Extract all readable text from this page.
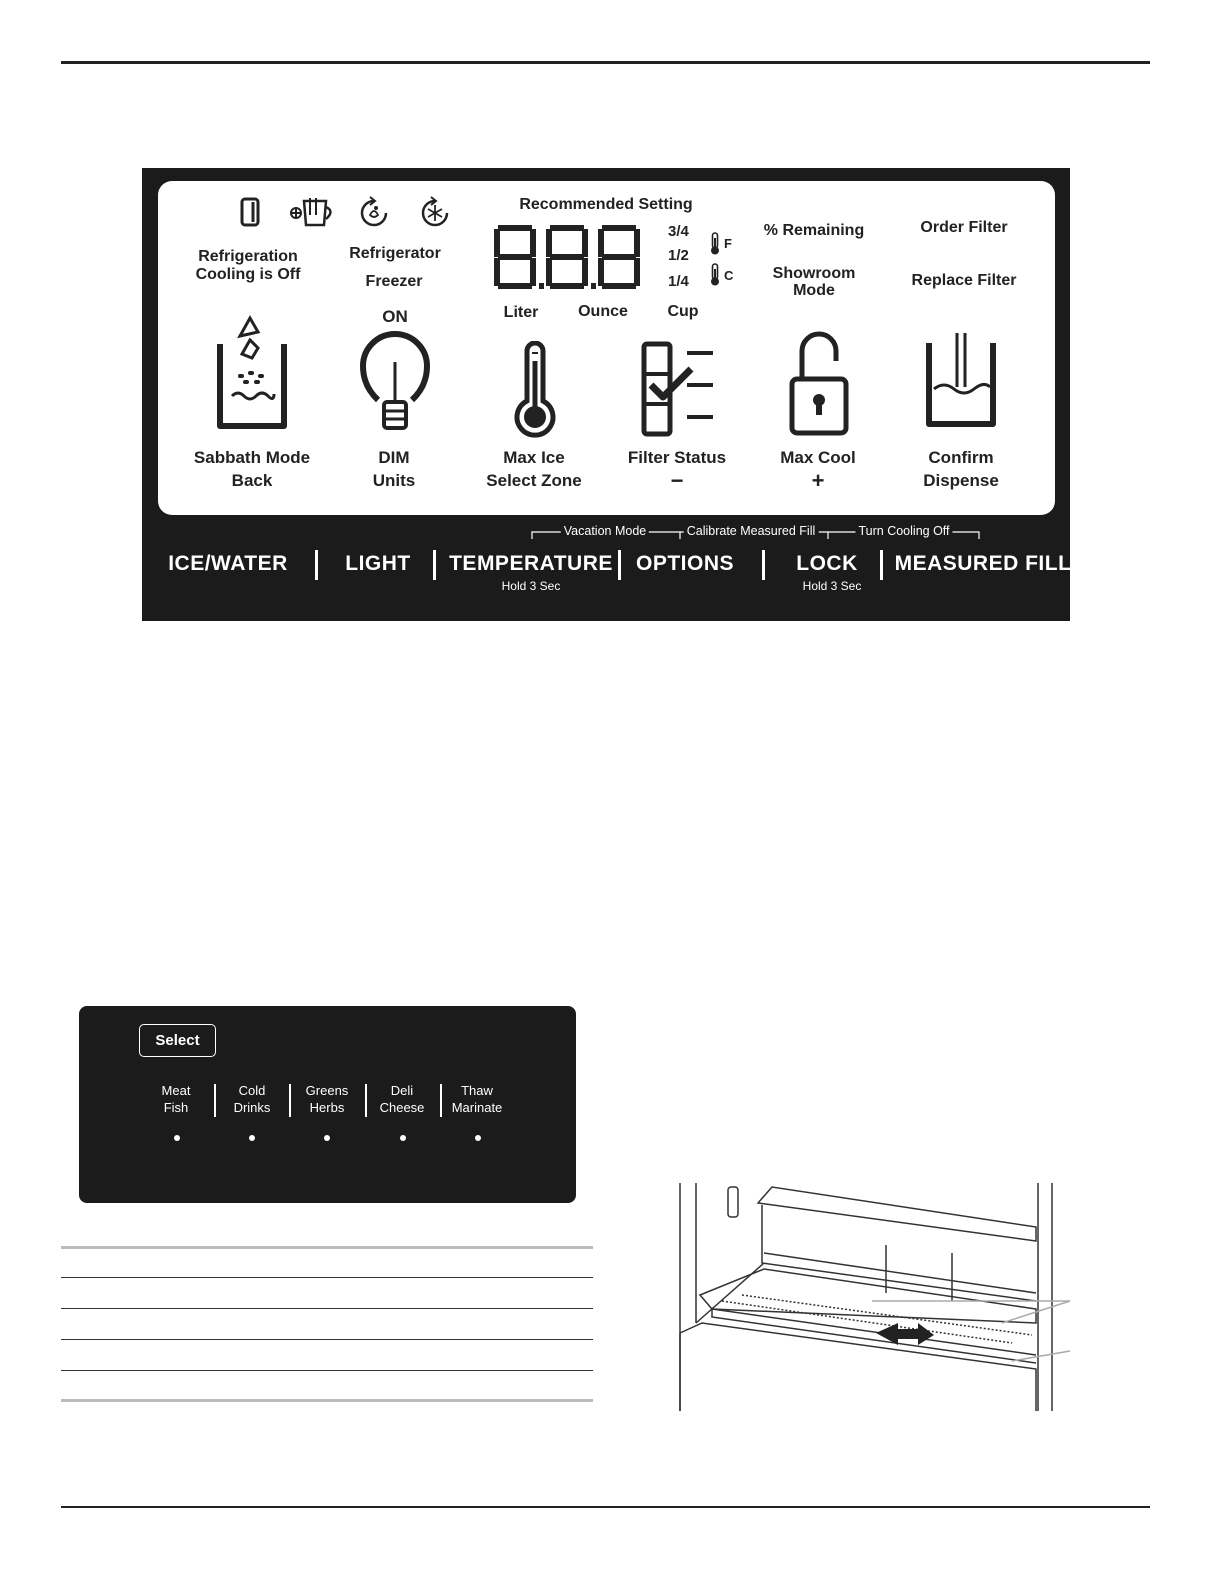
Refrigeration
Cooling is Off
Refrigerator
Freezer
ON
Recommended Setting
3/4
1/2
1/4
F
C
Liter Ounce Cup
% Remaining
Showroom
Mode
Order Filter
Replace Filter
Sabbath Mode
Back
DIM
Units
Max Ice
Select Zone
Filter Status
−
Max Cool
+
Confirm
Dispense
Vacation Mode	Calibrate Measured Fill	Turn Cooling Off
ICE/WATER	LIGHT TEMPERATURE
Hold 3 Sec
OPTIONS	LOCK
Hold 3 Sec
MEASURED FILL
Select
Meat
Fish
Cold
Drinks
Greens
Herbs
Deli
Cheese
Thaw
Marinate
